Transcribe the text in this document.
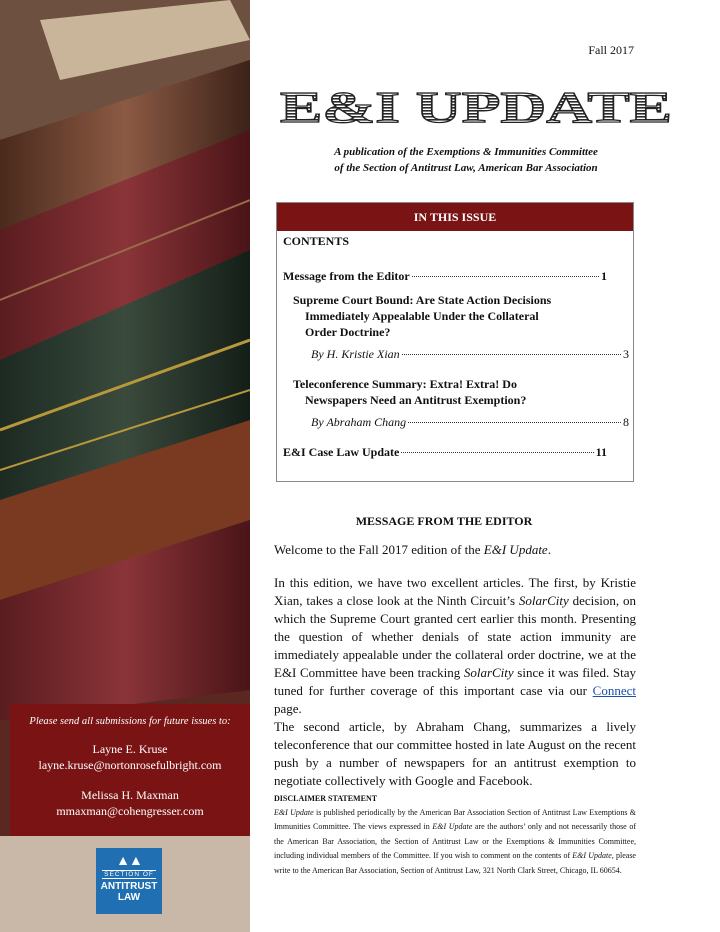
Please send all submissions for future issues to:
Layne E. Kruse
layne.kruse@nortonrosefulbright.com
Melissa H. Maxman
mmaxman@cohengresser.com
▲▲
SECTION OF
ANTITRUST
LAW
Fall 2017
E&I UPDATE
A publication of the Exemptions & Immunities Committee
of the Section of Antitrust Law, American Bar Association
IN THIS ISSUE
CONTENTS
Message from the Editor	1
Supreme Court Bound: Are State Action Decisions
Immediately Appealable Under the Collateral
Order Doctrine?
By H. Kristie Xian	3
Teleconference Summary: Extra! Extra! Do
Newspapers Need an Antitrust Exemption?
By Abraham Chang	8
E&I Case Law Update	11
MESSAGE FROM THE EDITOR
Welcome to the Fall 2017 edition of the E&I Update.
In this edition, we have two excellent articles. The first, by Kristie Xian, takes a close look at the Ninth Circuit’s SolarCity decision, on which the Supreme Court granted cert earlier this month. Presenting the question of whether denials of state action immunity are immediately appealable under the collateral order doctrine, we at the E&I Committee have been tracking SolarCity since it was filed. Stay tuned for further coverage of this important case via our Connect page.
The second article, by Abraham Chang, summarizes a lively teleconference that our committee hosted in late August on the recent push by a number of newspapers for an antitrust exemption to negotiate collectively with Google and Facebook.
DISCLAIMER STATEMENT
E&I Update is published periodically by the American Bar Association Section of Antitrust Law Exemptions & Immunities Committee. The views expressed in E&I Update are the authors’ only and not necessarily those of the American Bar Association, the Section of Antitrust Law or the Exemptions & Immunities Committee, including individual members of the Committee. If you wish to comment on the contents of E&I Update, please write to the American Bar Association, Section of Antitrust Law, 321 North Clark Street, Chicago, IL 60654.
